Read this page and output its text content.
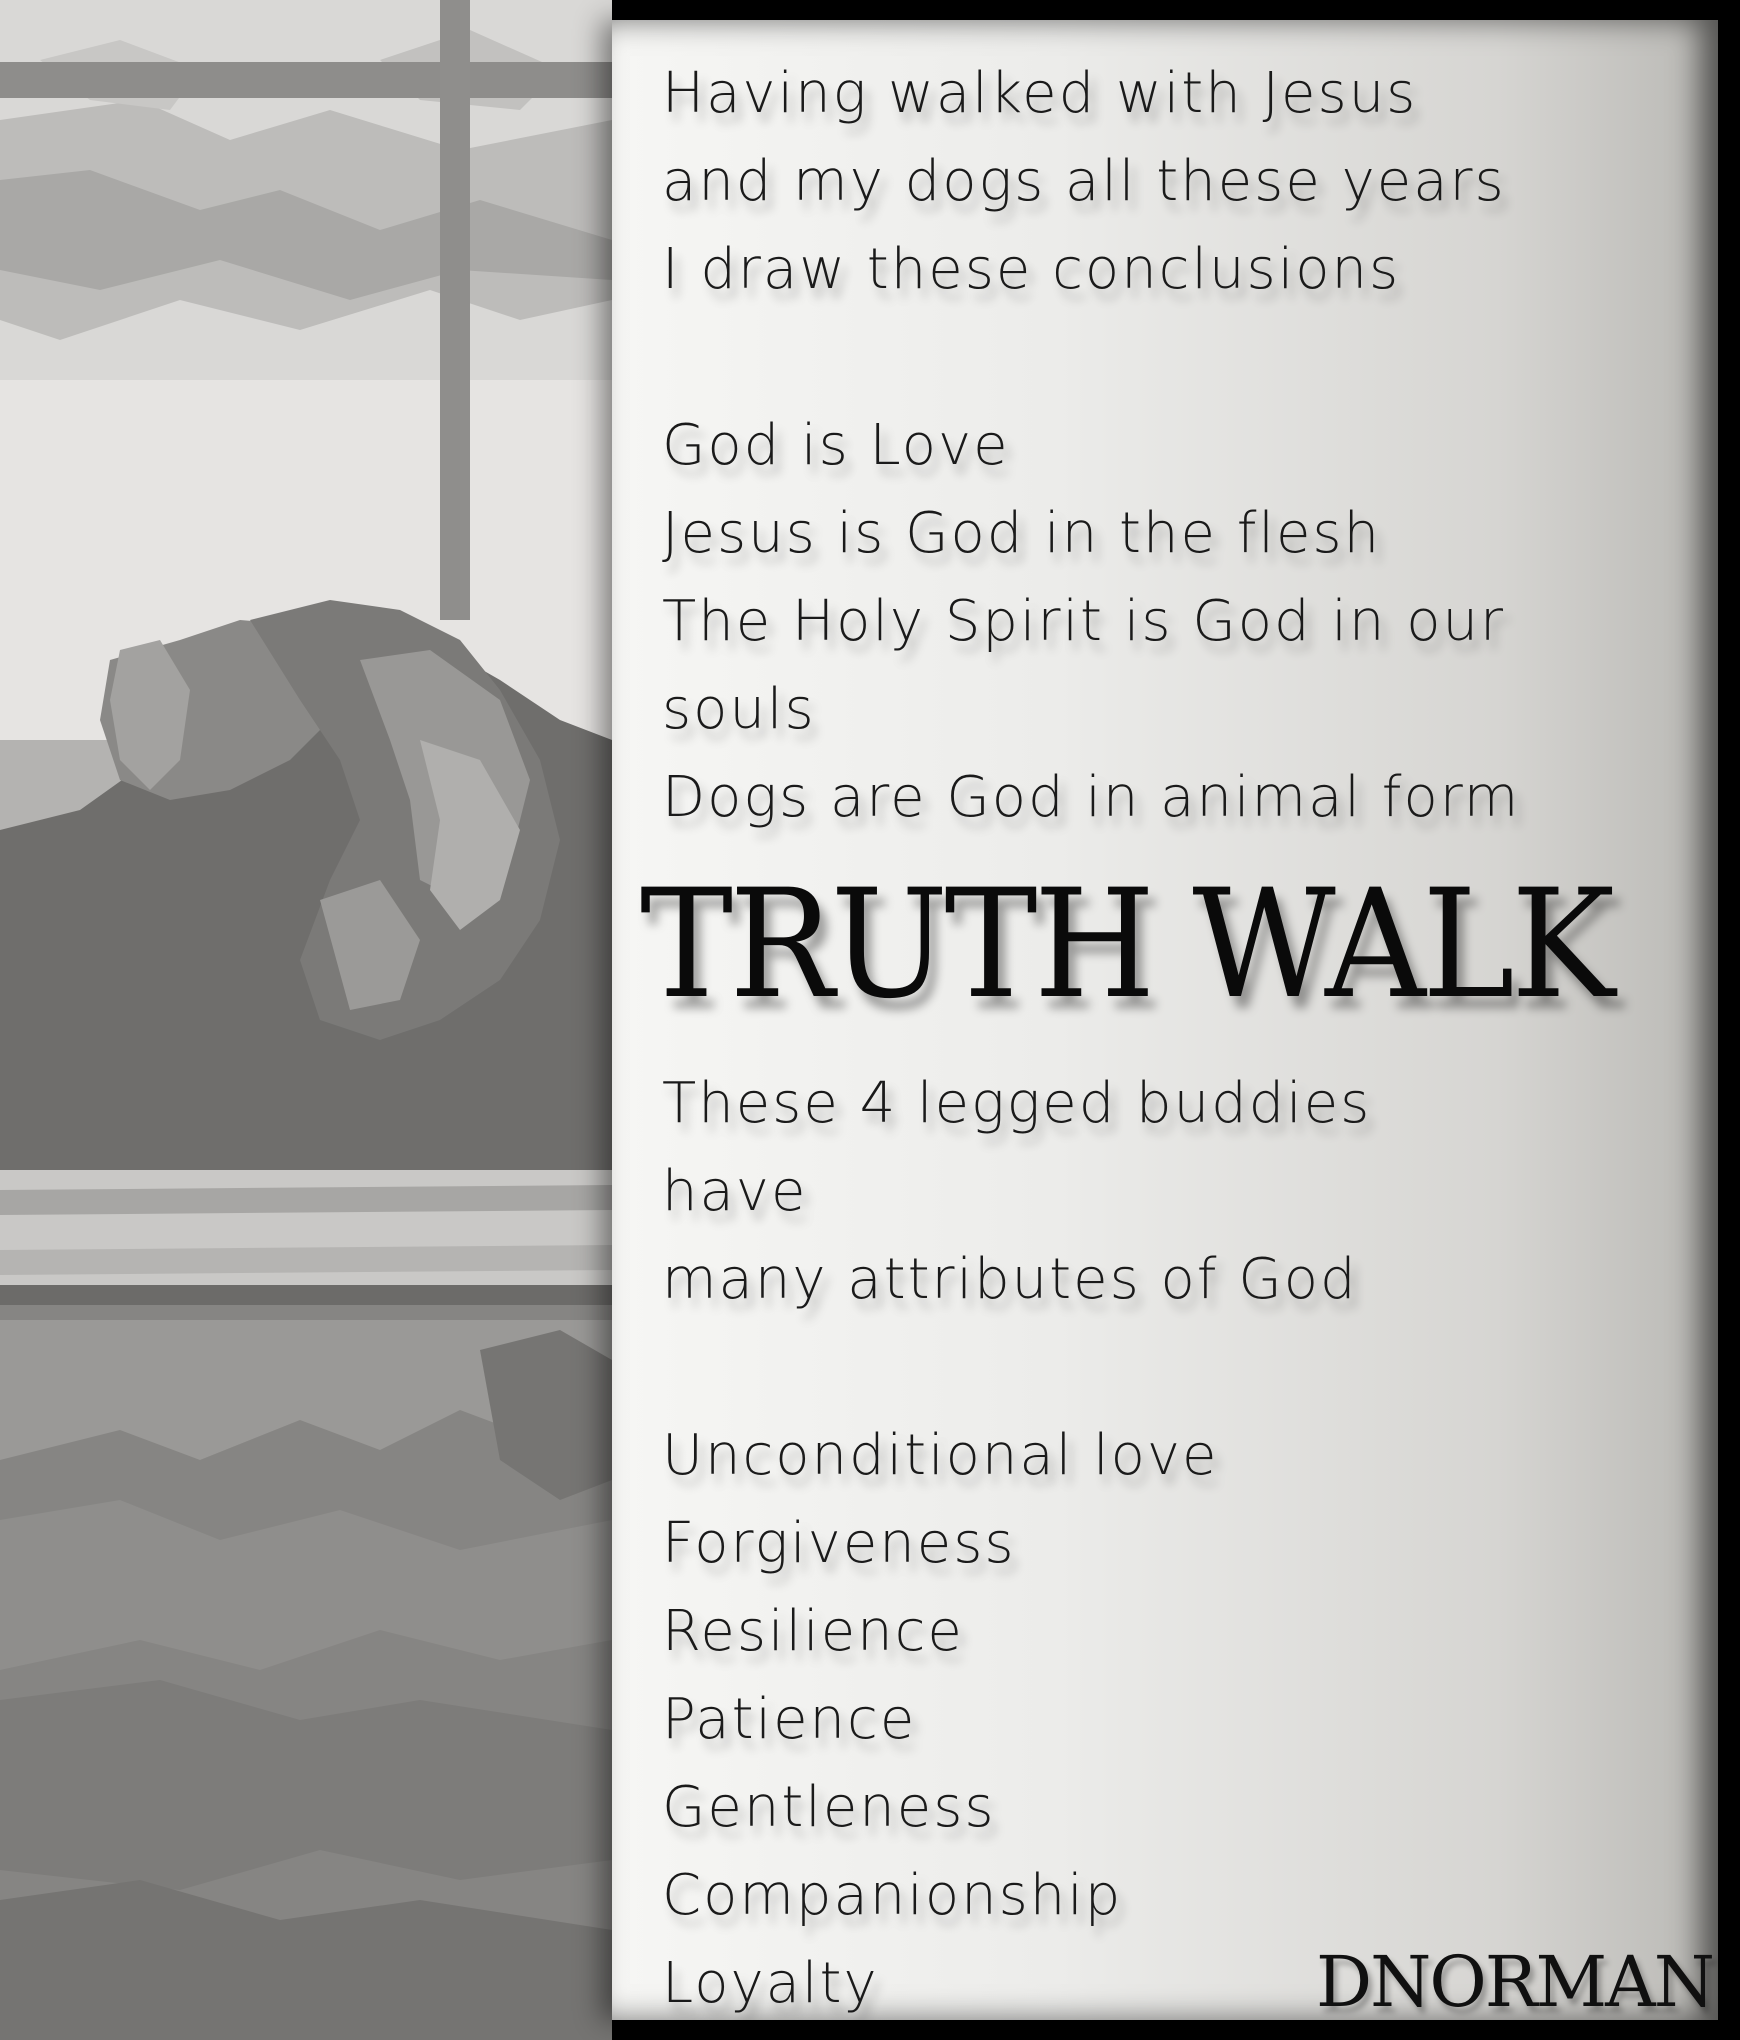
Having walked with Jesus
and my dogs all these years
I draw these conclusions
God is Love
Jesus is God in the flesh
The Holy Spirit is God in our
souls
Dogs are God in animal form
TRUTH WALK
These 4 legged buddies
have
many attributes of God
Unconditional love
Forgiveness
Resilience
Patience
Gentleness
Companionship
Loyalty	DNORMAN
